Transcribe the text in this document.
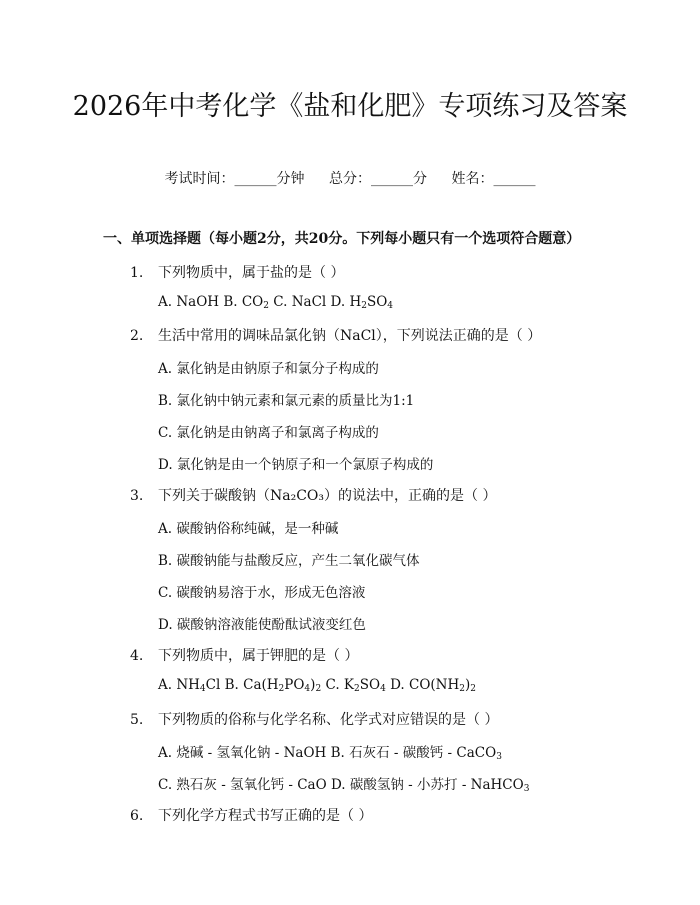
2026年中考化学《盐和化肥》专项练习及答案
考试时间：______分钟 总分：______分 姓名：______
一、单项选择题（每小题2分，共20分。下列每小题只有一个选项符合题意）
1. 下列物质中，属于盐的是（ ）
A. NaOH B. $CO_2$ C. NaCl D. $H_2SO_4$
2. 生活中常用的调味品氯化钠（NaCl），下列说法正确的是（ ）
A. 氯化钠是由钠原子和氯分子构成的
B. 氯化钠中钠元素和氯元素的质量比为1:1
C. 氯化钠是由钠离子和氯离子构成的
D. 氯化钠是由一个钠原子和一个氯原子构成的
3. 下列关于碳酸钠（Na₂CO₃）的说法中，正确的是（ ）
A. 碳酸钠俗称纯碱，是一种碱
B. 碳酸钠能与盐酸反应，产生二氧化碳气体
C. 碳酸钠易溶于水，形成无色溶液
D. 碳酸钠溶液能使酚酞试液变红色
4. 下列物质中，属于钾肥的是（ ）
A. $NH_4Cl$ B. $Ca(H_2PO_4)_2$ C. $K_2SO_4$ D. $CO(NH_2)_2$
5. 下列物质的俗称与化学名称、化学式对应错误的是（ ）
A. 烧碱 - 氢氧化钠 - NaOH B. 石灰石 - 碳酸钙 - CaCO$_3$
C. 熟石灰 - 氢氧化钙 - CaO D. 碳酸氢钠 - 小苏打 - NaHCO$_3$
6. 下列化学方程式书写正确的是（ ）
